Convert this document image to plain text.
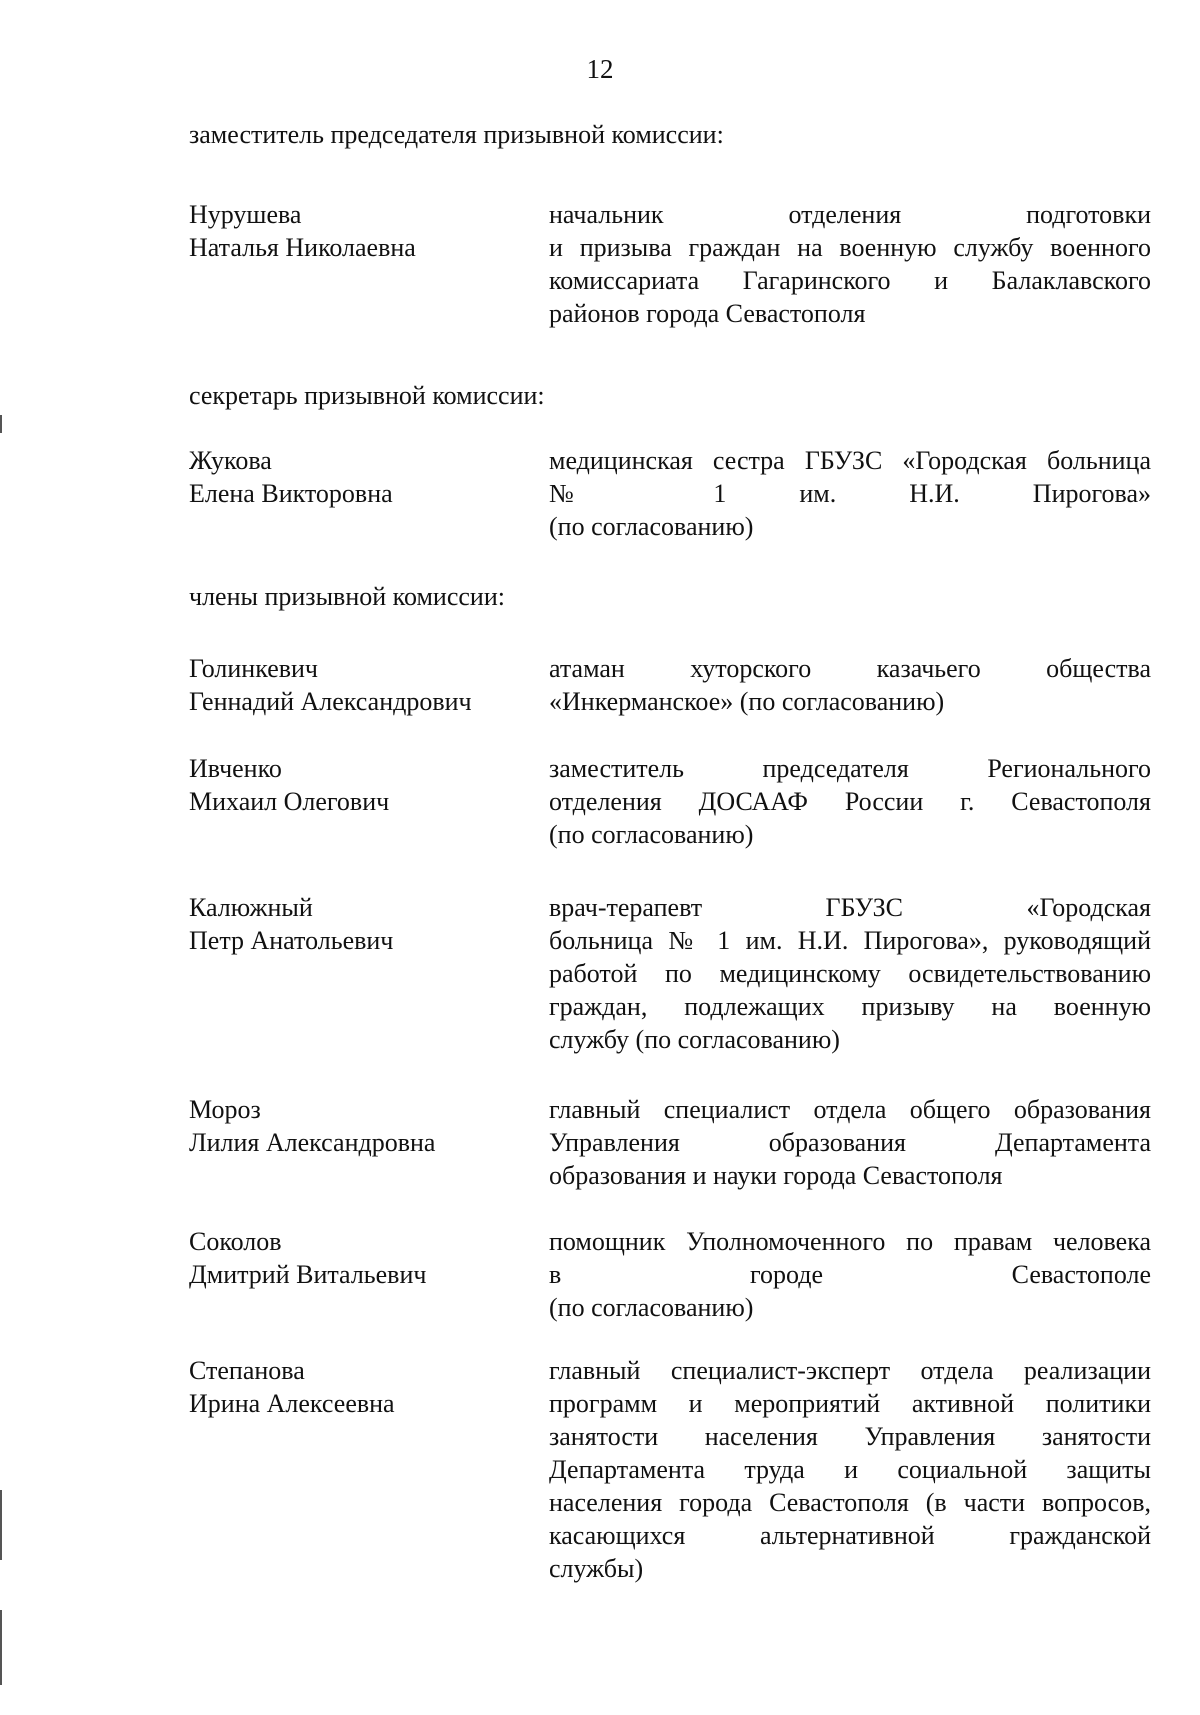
12
заместитель председателя призывной комиссии:
Нурушева
Наталья Николаевна
начальник отделения подготовки
и призыва граждан на военную службу военного
комиссариата Гагаринского и Балаклавского
районов города Севастополя
секретарь призывной комиссии:
Жукова
Елена Викторовна
медицинская сестра ГБУЗС «Городская больница
№ 1 им. Н.И. Пирогова»
(по согласованию)
члены призывной комиссии:
Голинкевич
Геннадий Александрович
атаман хуторского казачьего общества
«Инкерманское» (по согласованию)
Ивченко
Михаил Олегович
заместитель председателя Регионального
отделения ДОСААФ России г. Севастополя
(по согласованию)
Калюжный
Петр Анатольевич
врач-терапевт ГБУЗС «Городская
больница № 1 им. Н.И. Пирогова», руководящий
работой по медицинскому освидетельствованию
граждан, подлежащих призыву на военную
службу (по согласованию)
Мороз
Лилия Александровна
главный специалист отдела общего образования
Управления образования Департамента
образования и науки города Севастополя
Соколов
Дмитрий Витальевич
помощник Уполномоченного по правам человека
в городе Севастополе
(по согласованию)
Степанова
Ирина Алексеевна
главный специалист-эксперт отдела реализации
программ и мероприятий активной политики
занятости населения Управления занятости
Департамента труда и социальной защиты
населения города Севастополя (в части вопросов,
касающихся альтернативной гражданской
службы)
